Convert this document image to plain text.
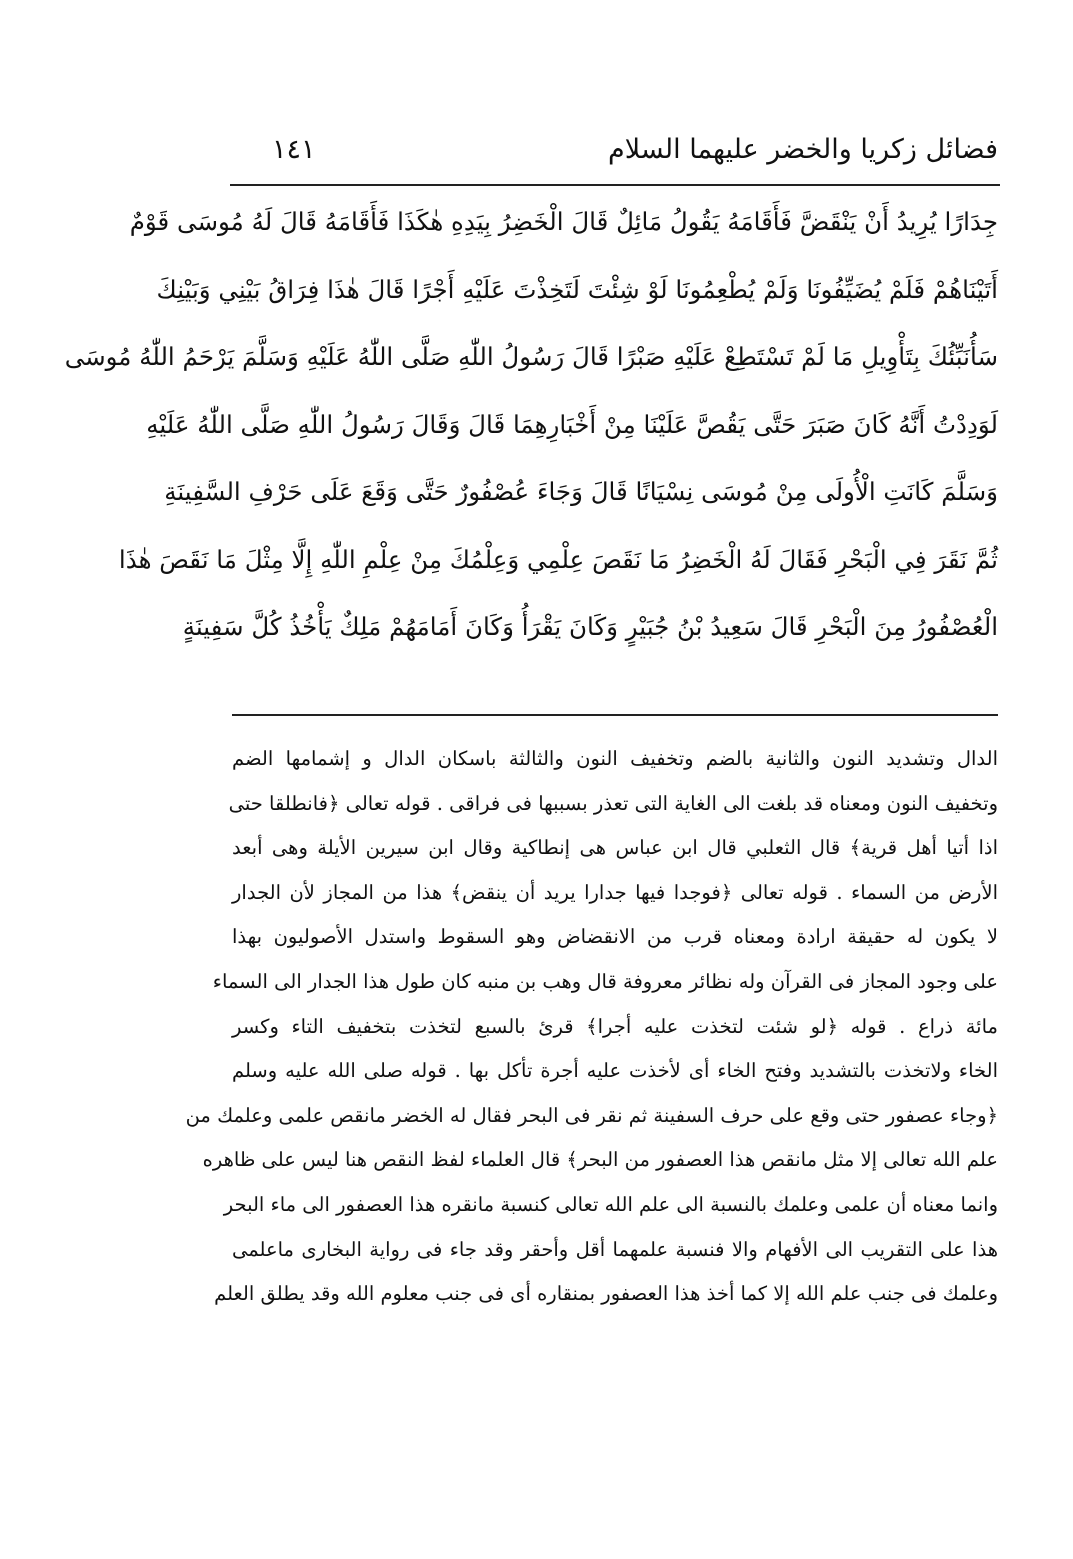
فضائل زكريا والخضر عليهما السلام
١٤١
جِدَارًا يُرِيدُ أَنْ يَنْقَضَّ فَأَقَامَهُ يَقُولُ مَائِلٌ قَالَ الْخَضِرُ بِيَدِهِ هٰكَذَا فَأَقَامَهُ قَالَ لَهُ مُوسَى قَوْمٌ
أَتَيْنَاهُمْ فَلَمْ يُضَيِّفُونَا وَلَمْ يُطْعِمُونَا لَوْ شِئْتَ لَتَخِذْتَ عَلَيْهِ أَجْرًا قَالَ هٰذَا فِرَاقُ بَيْنِي وَبَيْنِكَ
سَأُنَبِّئُكَ بِتَأْوِيلِ مَا لَمْ تَسْتَطِعْ عَلَيْهِ صَبْرًا قَالَ رَسُولُ اللّٰهِ صَلَّى اللّٰهُ عَلَيْهِ وَسَلَّمَ يَرْحَمُ اللّٰهُ مُوسَى
لَوَدِدْتُ أَنَّهُ كَانَ صَبَرَ حَتَّى يَقُصَّ عَلَيْنَا مِنْ أَخْبَارِهِمَا قَالَ وَقَالَ رَسُولُ اللّٰهِ صَلَّى اللّٰهُ عَلَيْهِ
وَسَلَّمَ كَانَتِ الْأُولَى مِنْ مُوسَى نِسْيَانًا قَالَ وَجَاءَ عُصْفُورٌ حَتَّى وَقَعَ عَلَى حَرْفِ السَّفِينَةِ
ثُمَّ نَقَرَ فِي الْبَحْرِ فَقَالَ لَهُ الْخَضِرُ مَا نَقَصَ عِلْمِي وَعِلْمُكَ مِنْ عِلْمِ اللّٰهِ إِلَّا مِثْلَ مَا نَقَصَ هٰذَا
الْعُصْفُورُ مِنَ الْبَحْرِ قَالَ سَعِيدُ بْنُ جُبَيْرٍ وَكَانَ يَقْرَأُ وَكَانَ أَمَامَهُمْ مَلِكٌ يَأْخُذُ كُلَّ سَفِينَةٍ
الدال وتشديد النون والثانية بالضم وتخفيف النون والثالثة باسكان الدال و إشمامها الضم
وتخفيف النون ومعناه قد بلغت الى الغاية التى تعذر بسببها فى فراقى . قوله تعالى ﴿فانطلقا حتى
اذا أتيا أهل قرية﴾ قال الثعلبي قال ابن عباس هى إنطاكية وقال ابن سيرين الأيلة وهى أبعد
الأرض من السماء . قوله تعالى ﴿فوجدا فيها جدارا يريد أن ينقض﴾ هذا من المجاز لأن الجدار
لا يكون له حقيقة ارادة ومعناه قرب من الانقضاض وهو السقوط واستدل الأصوليون بهذا
على وجود المجاز فى القرآن وله نظائر معروفة قال وهب بن منبه كان طول هذا الجدار الى السماء
مائة ذراع . قوله ﴿لو شئت لتخذت عليه أجرا﴾ قرئ بالسبع لتخذت بتخفيف التاء وكسر
الخاء ولاتخذت بالتشديد وفتح الخاء أى لأخذت عليه أجرة تأكل بها . قوله صلى الله عليه وسلم
﴿وجاء عصفور حتى وقع على حرف السفينة ثم نقر فى البحر فقال له الخضر مانقص علمى وعلمك من
علم الله تعالى إلا مثل مانقص هذا العصفور من البحر﴾ قال العلماء لفظ النقص هنا ليس على ظاهره
وانما معناه أن علمى وعلمك بالنسبة الى علم الله تعالى كنسبة مانقره هذا العصفور الى ماء البحر
هذا على التقريب الى الأفهام والا فنسبة علمهما أقل وأحقر وقد جاء فى رواية البخارى ماعلمى
وعلمك فى جنب علم الله إلا كما أخذ هذا العصفور بمنقاره أى فى جنب معلوم الله وقد يطلق العلم
